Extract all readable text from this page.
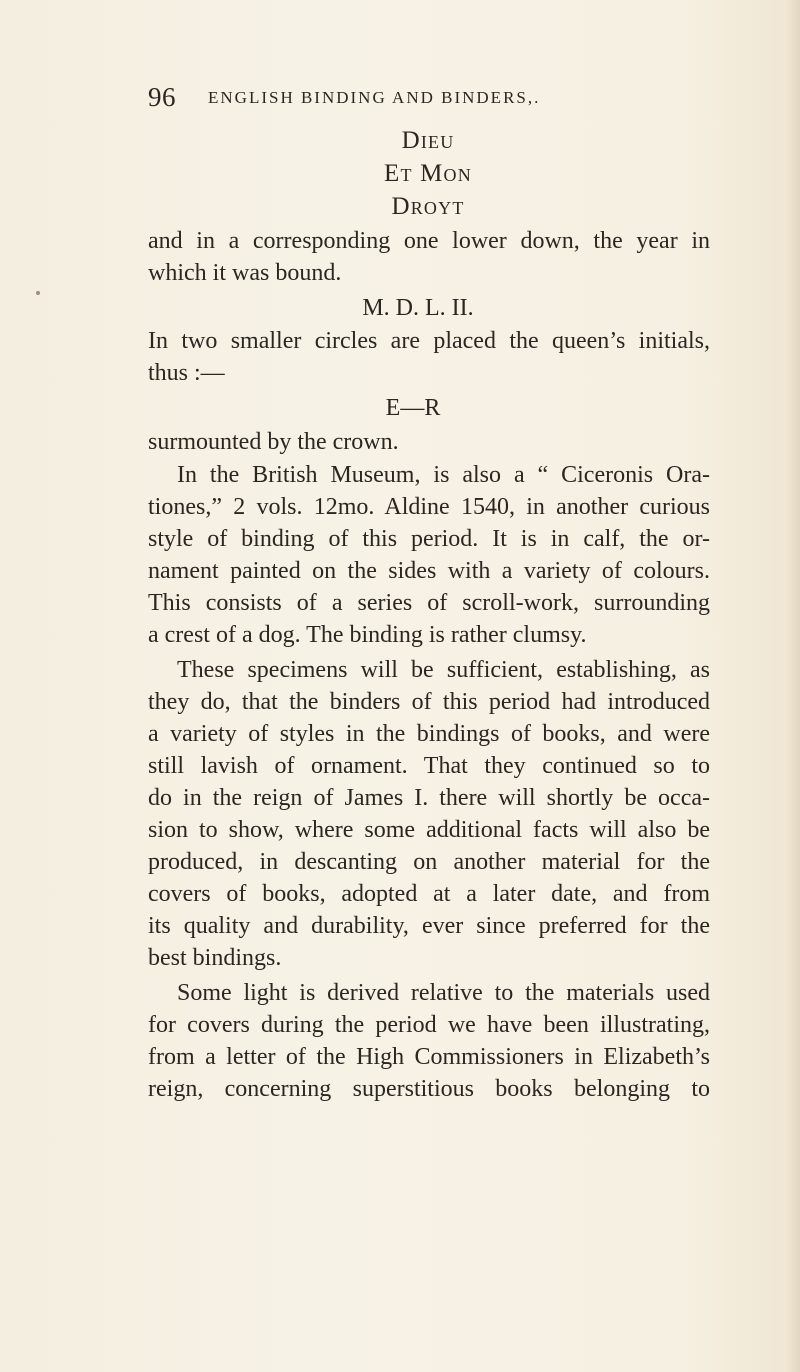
96 ENGLISH BINDING AND BINDERS,.
Dieu
Et Mon
Droyt
and in a corresponding one lower down, the year in
which it was bound.
M. D. L. II.
In two smaller circles are placed the queen’s initials,
thus :—
E—R
surmounted by the crown.
In the British Museum, is also a “ Ciceronis Ora-
tiones,” 2 vols. 12mo. Aldine 1540, in another curious
style of binding of this period. It is in calf, the or-
nament painted on the sides with a variety of colours.
This consists of a series of scroll-work, surrounding
a crest of a dog. The binding is rather clumsy.
These specimens will be sufficient, establishing, as
they do, that the binders of this period had introduced
a variety of styles in the bindings of books, and were
still lavish of ornament. That they continued so to
do in the reign of James I. there will shortly be occa-
sion to show, where some additional facts will also be
produced, in descanting on another material for the
covers of books, adopted at a later date, and from
its quality and durability, ever since preferred for the
best bindings.
Some light is derived relative to the materials used
for covers during the period we have been illustrating,
from a letter of the High Commissioners in Elizabeth’s
reign, concerning superstitious books belonging to
